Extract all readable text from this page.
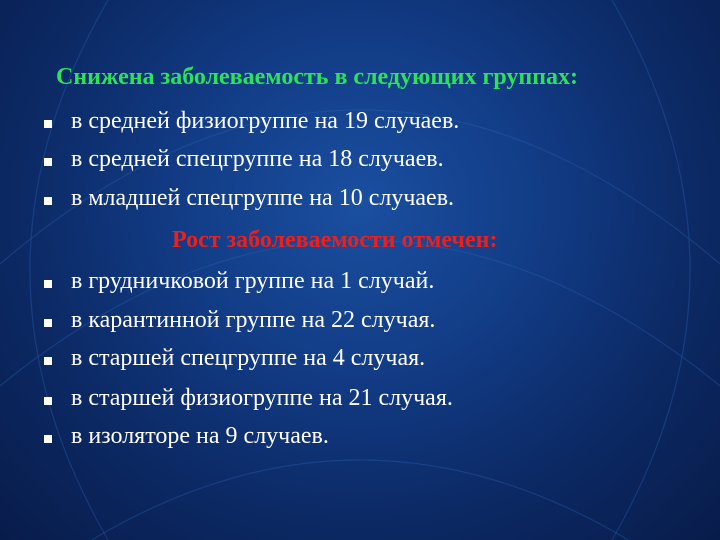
Снижена заболеваемость в следующих группах:
в средней физиогруппе на 19 случаев.
в средней спецгруппе на 18 случаев.
в младшей спецгруппе на 10 случаев.
Рост заболеваемости отмечен:
в грудничковой группе на 1 случай.
в карантинной группе на 22 случая.
в старшей спецгруппе на 4 случая.
в старшей физиогруппе на 21 случая.
в изоляторе на 9 случаев.
